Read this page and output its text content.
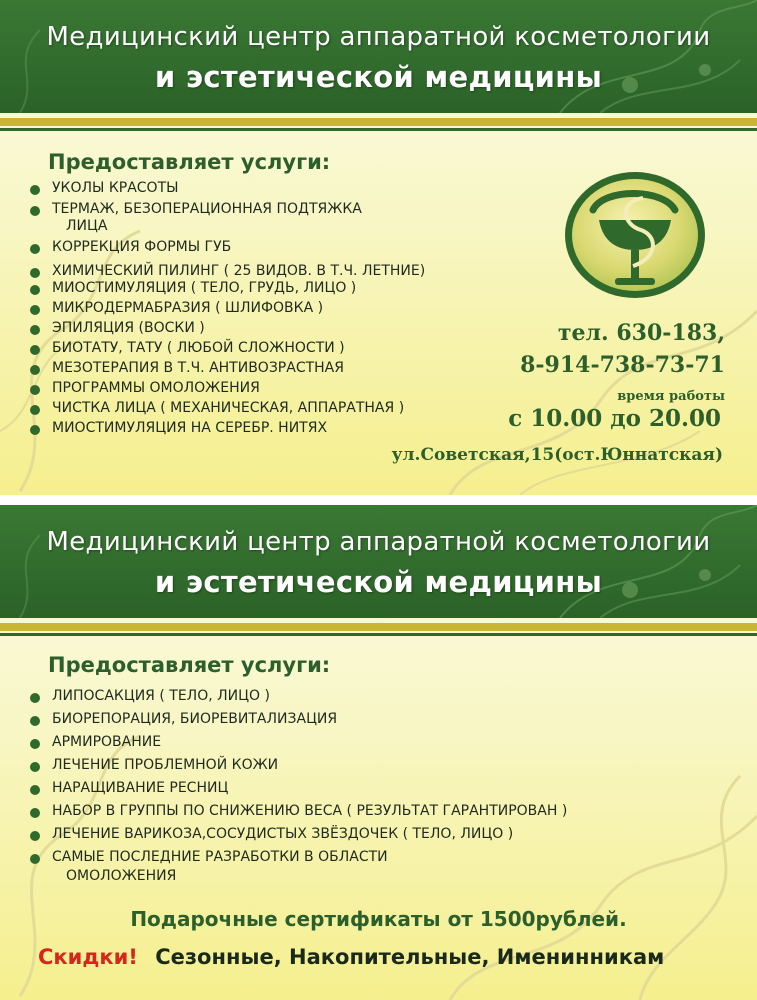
Медицинский центр аппаратной косметологии
и эстетической медицины
Предоставляет услуги:
УКОЛЫ КРАСОТЫ
ТЕРМАЖ, БЕЗОПЕРАЦИОННАЯ ПОДТЯЖКА
ЛИЦА
КОРРЕКЦИЯ ФОРМЫ ГУБ
ХИМИЧЕСКИЙ ПИЛИНГ ( 25 ВИДОВ. В Т.Ч. ЛЕТНИЕ)
МИОСТИМУЛЯЦИЯ ( ТЕЛО, ГРУДЬ, ЛИЦО )
МИКРОДЕРМАБРАЗИЯ ( ШЛИФОВКА )
ЭПИЛЯЦИЯ (ВОСКИ )
БИОТАТУ, ТАТУ ( ЛЮБОЙ СЛОЖНОСТИ )
МЕЗОТЕРАПИЯ В Т.Ч. АНТИВОЗРАСТНАЯ
ПРОГРАММЫ ОМОЛОЖЕНИЯ
ЧИСТКА ЛИЦА ( МЕХАНИЧЕСКАЯ, АППАРАТНАЯ )
МИОСТИМУЛЯЦИЯ НА СЕРЕБР. НИТЯХ
тел. 630-183,
8-914-738-73-71
время работы
с 10.00 до 20.00
ул.Советская,15(ост.Юннатская)
Медицинский центр аппаратной косметологии
и эстетической медицины
Предоставляет услуги:
ЛИПОСАКЦИЯ ( ТЕЛО, ЛИЦО )
БИОРЕПОРАЦИЯ, БИОРЕВИТАЛИЗАЦИЯ
АРМИРОВАНИЕ
ЛЕЧЕНИЕ ПРОБЛЕМНОЙ КОЖИ
НАРАЩИВАНИЕ РЕСНИЦ
НАБОР В ГРУППЫ ПО СНИЖЕНИЮ ВЕСА ( РЕЗУЛЬТАТ ГАРАНТИРОВАН )
ЛЕЧЕНИЕ ВАРИКОЗА,СОСУДИСТЫХ ЗВЁЗДОЧЕК ( ТЕЛО, ЛИЦО )
САМЫЕ ПОСЛЕДНИЕ РАЗРАБОТКИ В ОБЛАСТИ
ОМОЛОЖЕНИЯ
Подарочные сертификаты от 1500рублей.
Скидки! Сезонные, Накопительные, Именинникам
